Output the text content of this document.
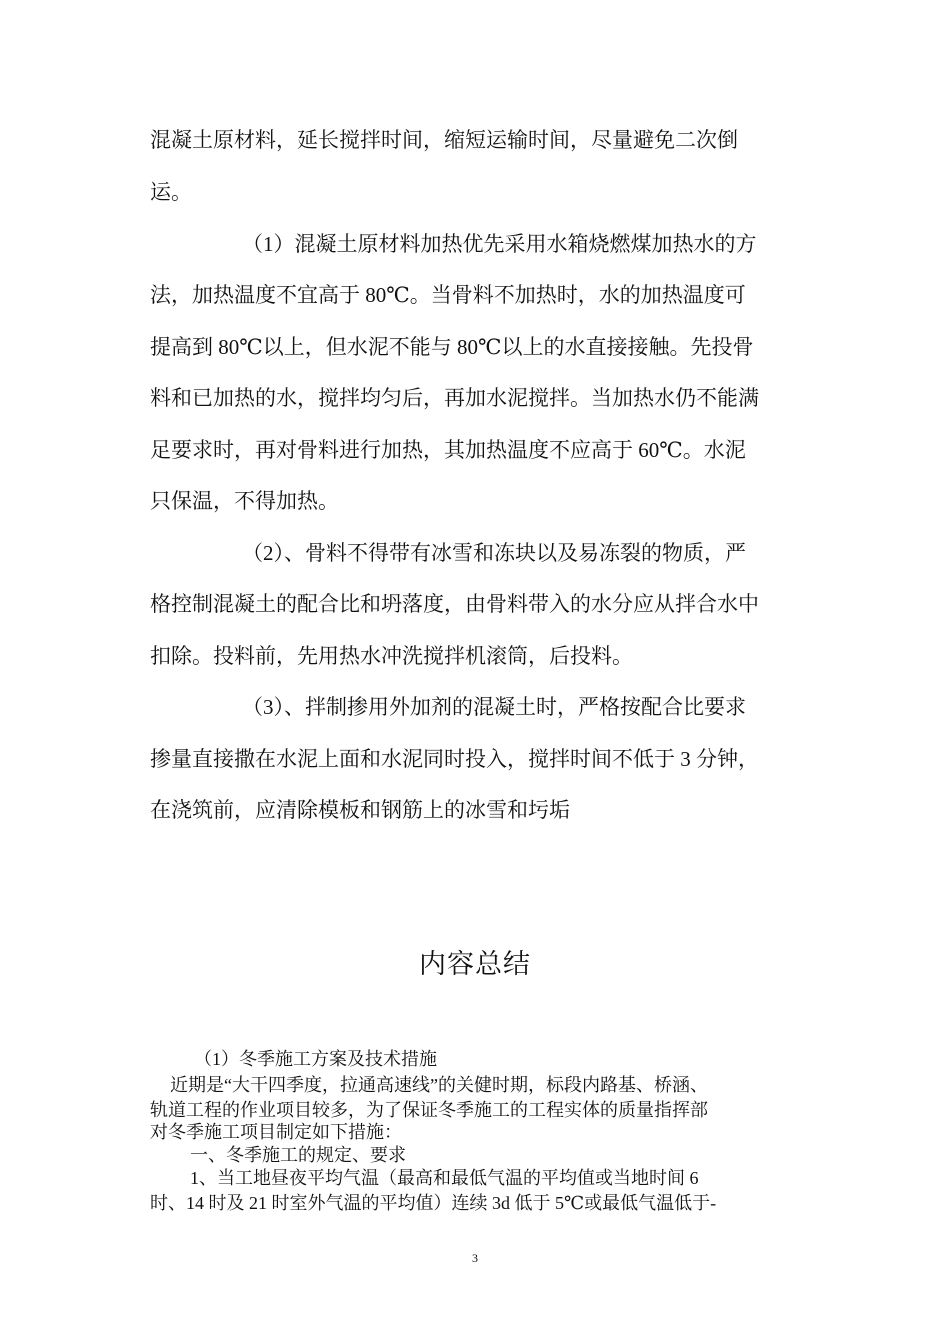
混凝土原材料，延长搅拌时间，缩短运输时间，尽量避免二次倒
运。
（1）混凝土原材料加热优先采用水箱烧燃煤加热水的方
法，加热温度不宜高于 80℃。当骨料不加热时，水的加热温度可
提高到 80℃以上，但水泥不能与 80℃以上的水直接接触。先投骨
料和已加热的水，搅拌均匀后，再加水泥搅拌。当加热水仍不能满
足要求时，再对骨料进行加热，其加热温度不应高于 60℃。水泥
只保温，不得加热。
（2）、骨料不得带有冰雪和冻块以及易冻裂的物质，严
格控制混凝土的配合比和坍落度，由骨料带入的水分应从拌合水中
扣除。投料前，先用热水冲洗搅拌机滚筒，后投料。
（3）、拌制掺用外加剂的混凝土时，严格按配合比要求
掺量直接撒在水泥上面和水泥同时投入，搅拌时间不低于 3 分钟，
在浇筑前，应清除模板和钢筋上的冰雪和圬垢
内容总结
（1）冬季施工方案及技术措施
近期是“大干四季度，拉通高速线”的关健时期，标段内路基、桥涵、
轨道工程的作业项目较多，为了保证冬季施工的工程实体的质量指挥部
对冬季施工项目制定如下措施：
一、冬季施工的规定、要求
1、当工地昼夜平均气温（最高和最低气温的平均值或当地时间 6
时、14 时及 21 时室外气温的平均值）连续 3d 低于 5℃或最低气温低于-
3
